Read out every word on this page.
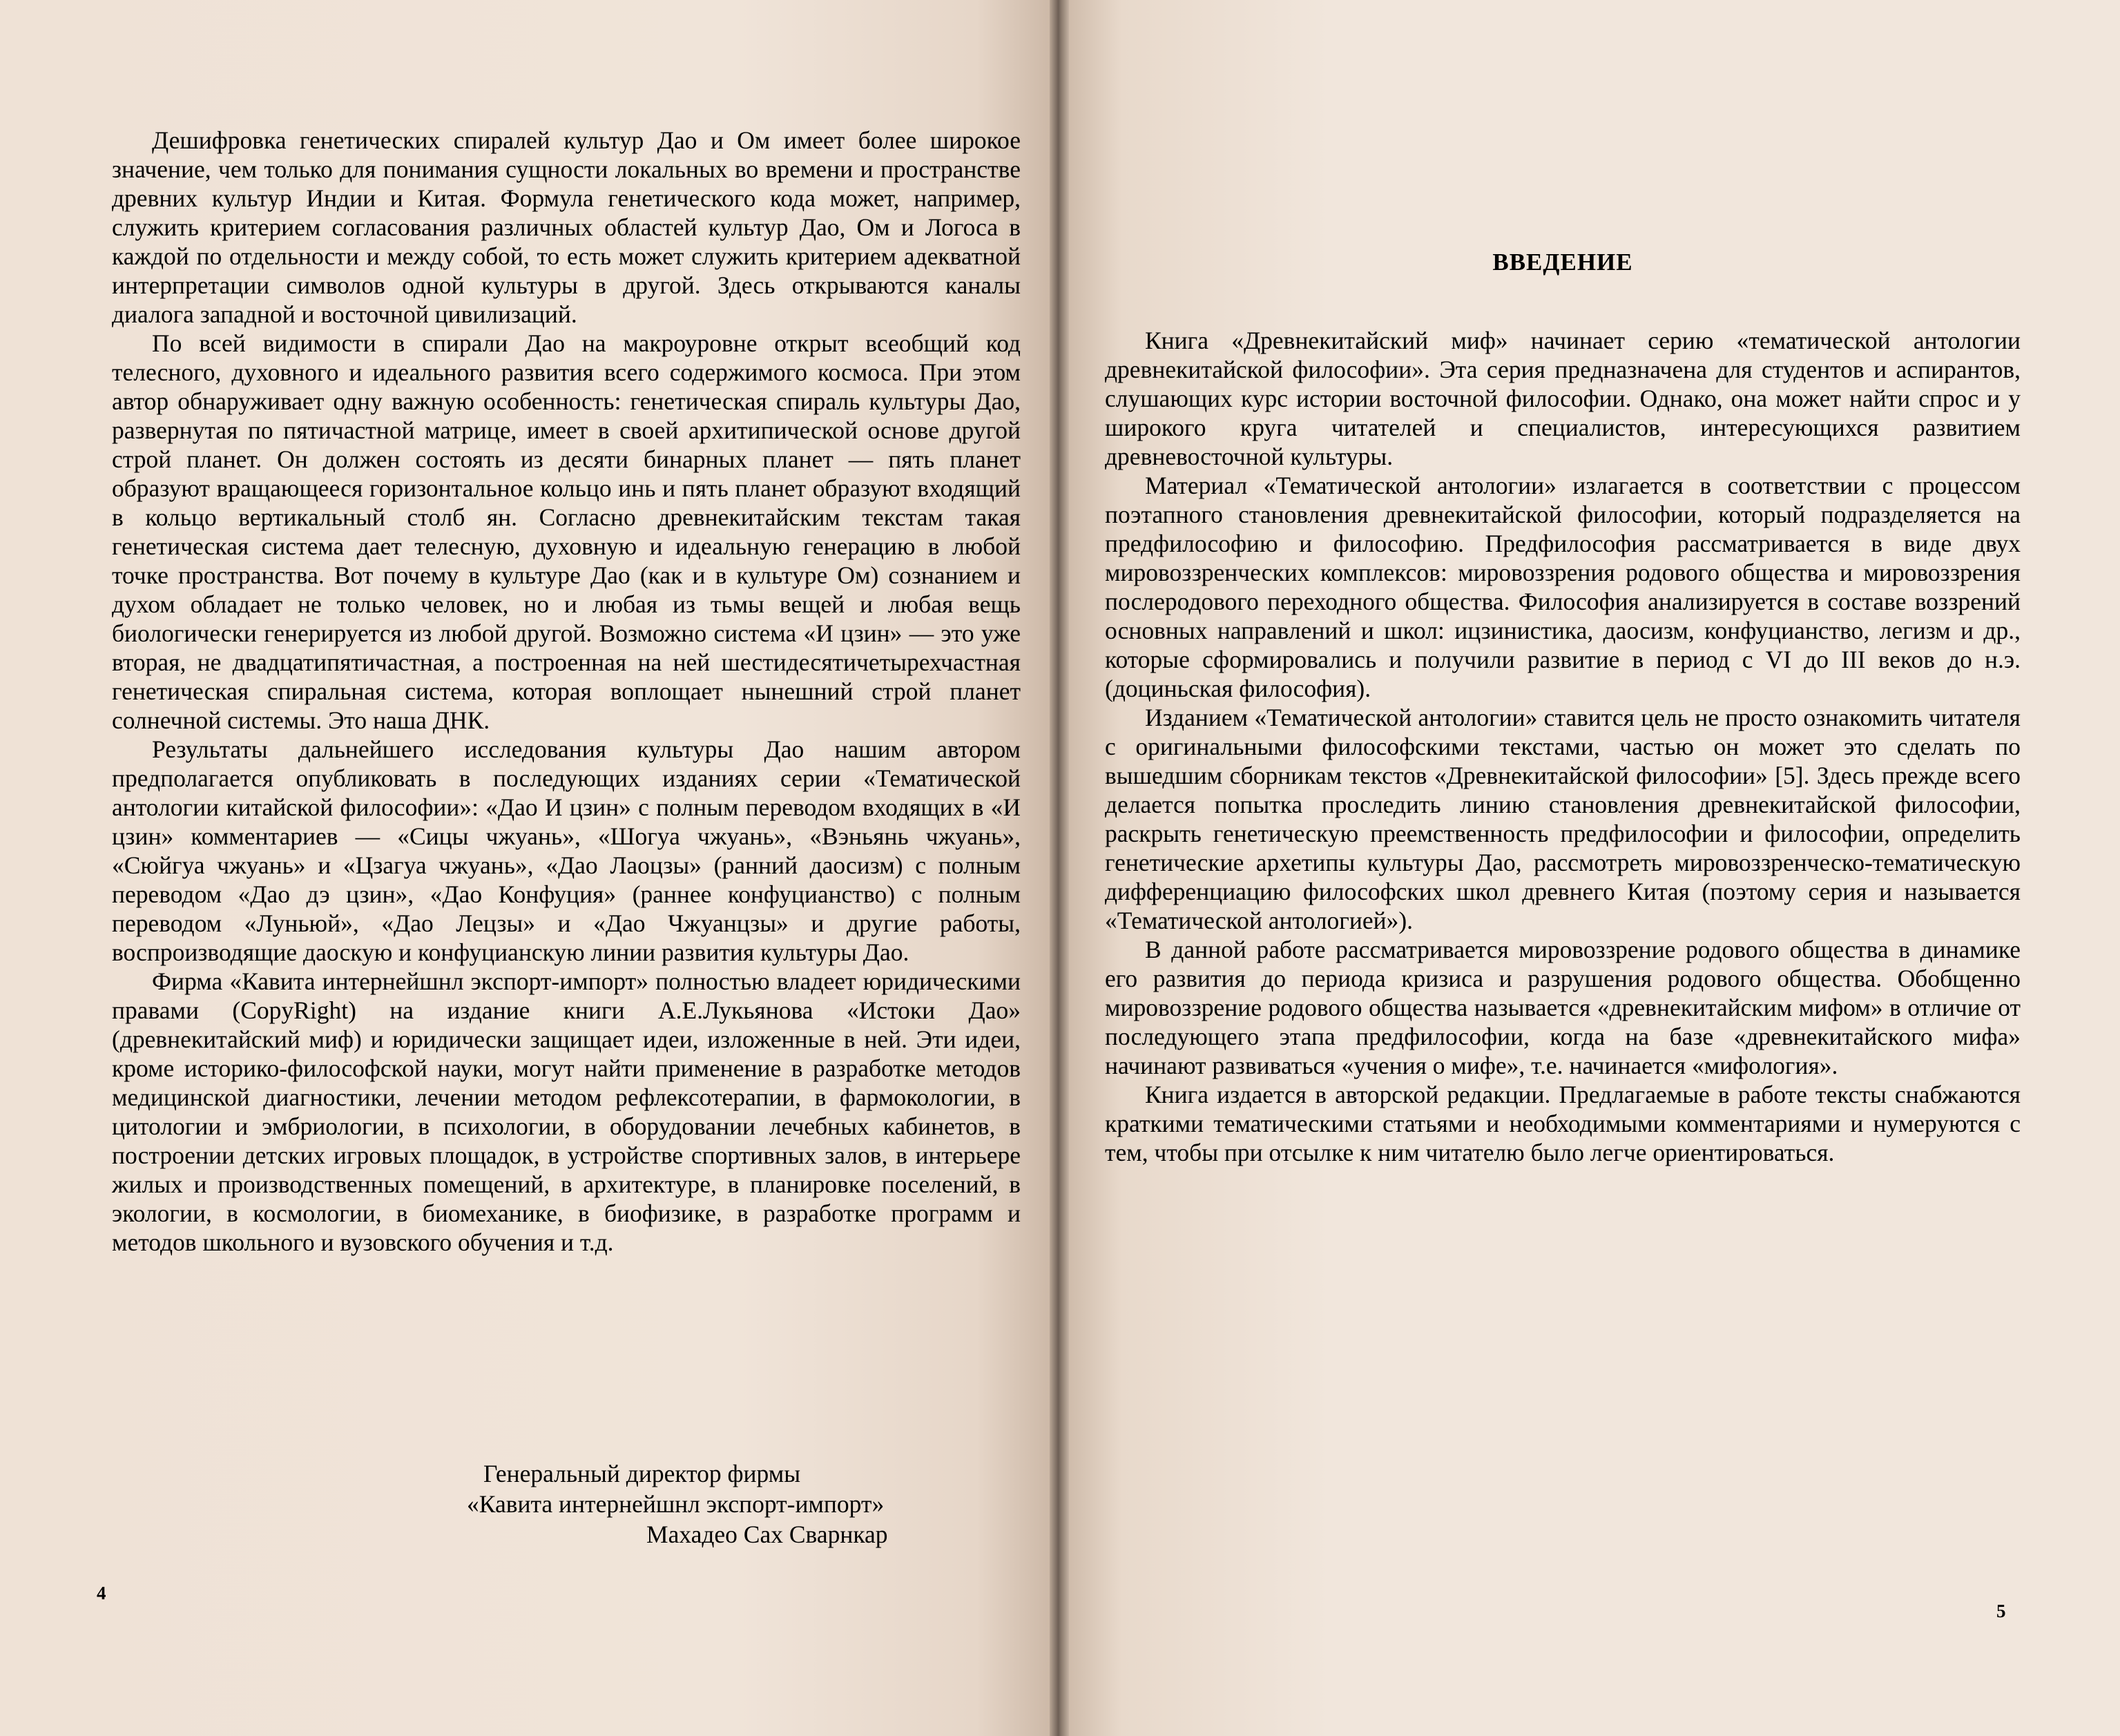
Дешифровка генетических спиралей культур Дао и Ом имеет более широкое значение, чем только для понимания сущности локальных во времени и пространстве древних культур Индии и Китая. Формула генетического кода может, например, служить критерием согласования различных областей культур Дао, Ом и Логоса в каждой по отдельности и между собой, то есть может служить критерием адекватной интерпретации символов одной культуры в другой. Здесь открываются каналы диалога западной и восточной цивилизаций.

По всей видимости в спирали Дао на макроуровне открыт всеобщий код телесного, духовного и идеального развития всего содержимого космоса. При этом автор обнаруживает одну важную особенность: генетическая спираль культуры Дао, развернутая по пятичастной матрице, имеет в своей архитипической основе другой строй планет. Он должен состоять из десяти бинарных планет — пять планет образуют вращающееся горизонтальное кольцо инь и пять планет образуют входящий в кольцо вертикальный столб ян. Согласно древнекитайским текстам такая генетическая система дает телесную, духовную и идеальную генерацию в любой точке пространства. Вот почему в культуре Дао (как и в культуре Ом) сознанием и духом обладает не только человек, но и любая из тьмы вещей и любая вещь биологически генерируется из любой другой. Возможно система «И цзин» — это уже вторая, не двадцатипятичастная, а построенная на ней шестидесятичетырехчастная генетическая спиральная система, которая воплощает нынешний строй планет солнечной системы. Это наша ДНК.

Результаты дальнейшего исследования культуры Дао нашим автором предполагается опубликовать в последующих изданиях серии «Тематической антологии китайской философии»: «Дао И цзин» с полным переводом входящих в «И цзин» комментариев — «Сицы чжуань», «Шогуа чжуань», «Вэньянь чжуань», «Сюйгуа чжуань» и «Цзагуа чжуань», «Дао Лаоцзы» (ранний даосизм) с полным переводом «Дао дэ цзин», «Дао Конфуция» (раннее конфуцианство) с полным переводом «Луньюй», «Дао Лецзы» и «Дао Чжуанцзы» и другие работы, воспроизводящие даоскую и конфуцианскую линии развития культуры Дао.

Фирма «Кавита интернейшнл экспорт-импорт» полностью владеет юридическими правами (CopyRight) на издание книги А.Е.Лукьянова «Истоки Дао» (древнекитайский миф) и юридически защищает идеи, изложенные в ней. Эти идеи, кроме историко-философской науки, могут найти применение в разработке методов медицинской диагностики, лечении методом рефлексотерапии, в фармокологии, в цитологии и эмбриологии, в психологии, в оборудовании лечебных кабинетов, в построении детских игровых площадок, в устройстве спортивных залов, в интерьере жилых и производственных помещений, в архитектуре, в планировке поселений, в экологии, в космологии, в биомеханике, в биофизике, в разработке программ и методов школьного и вузовского обучения и т.д.

Генеральный директор фирмы
«Кавита интернейшнл экспорт-импорт»
Махадео Сах Сварнкар
4
ВВЕДЕНИЕ

Книга «Древнекитайский миф» начинает серию «тематической антологии древнекитайской философии». Эта серия предназначена для студентов и аспирантов, слушающих курс истории восточной философии. Однако, она может найти спрос и у широкого круга читателей и специалистов, интересующихся развитием древневосточной культуры.

Материал «Тематической антологии» излагается в соответствии с процессом поэтапного становления древнекитайской философии, который подразделяется на предфилософию и философию. Предфилософия рассматривается в виде двух мировоззренческих комплексов: мировоззрения родового общества и мировоззрения послеродового переходного общества. Философия анализируется в составе воззрений основных направлений и школ: ицзинистика, даосизм, конфуцианство, легизм и др., которые сформировались и получили развитие в период с VI до III веков до н.э. (доциньская философия).

Изданием «Тематической антологии» ставится цель не просто ознакомить читателя с оригинальными философскими текстами, частью он может это сделать по вышедшим сборникам текстов «Древнекитайской философии» [5]. Здесь прежде всего делается попытка проследить линию становления древнекитайской философии, раскрыть генетическую преемственность предфилософии и философии, определить генетические архетипы культуры Дао, рассмотреть мировоззренческо-тематическую дифференциацию философских школ древнего Китая (поэтому серия и называется «Тематической антологией»).

В данной работе рассматривается мировоззрение родового общества в динамике его развития до периода кризиса и разрушения родового общества. Обобщенно мировоззрение родового общества называется «древнекитайским мифом» в отличие от последующего этапа предфилософии, когда на базе «древнекитайского мифа» начинают развиваться «учения о мифе», т.е. начинается «мифология».

Книга издается в авторской редакции. Предлагаемые в работе тексты снабжаются краткими тематическими статьями и необходимыми комментариями и нумеруются с тем, чтобы при отсылке к ним читателю было легче ориентироваться.

5
